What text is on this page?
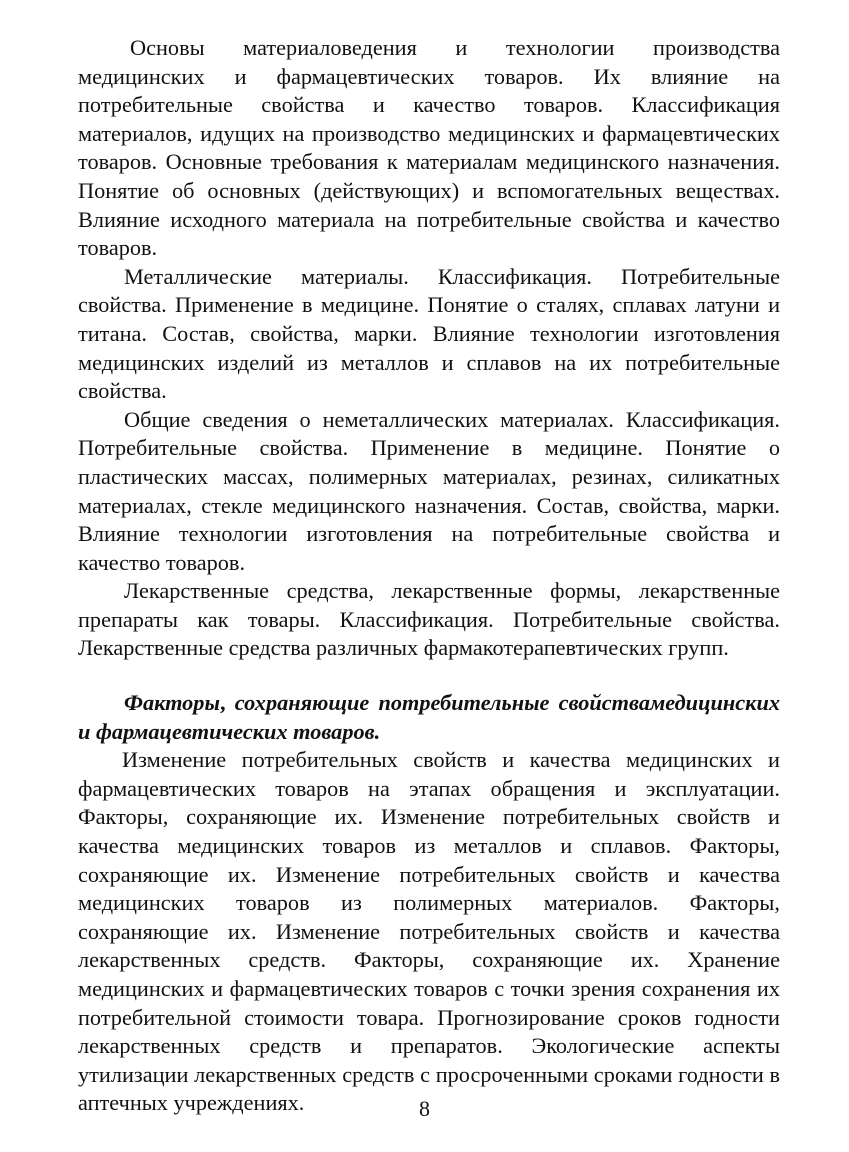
Основы материаловедения и технологии производства медицинских и фармацевтических товаров. Их влияние на потребительные свойства и качество товаров. Классификация материалов, идущих на производство медицинских и фармацевтических товаров. Основные требования к материалам медицинского назначения. Понятие об основных (действующих) и вспомогательных веществах. Влияние исходного материала на потребительные свойства и качество товаров.

Металлические материалы. Классификация. Потребительные свойства. Применение в медицине. Понятие о сталях, сплавах латуни и титана. Состав, свойства, марки. Влияние технологии изготовления медицинских изделий из металлов и сплавов на их потребительные свойства.

Общие сведения о неметаллических материалах. Классификация. Потребительные свойства. Применение в медицине. Понятие о пластических массах, полимерных материалах, резинах, силикатных материалах, стекле медицинского назначения. Состав, свойства, марки. Влияние технологии изготовления на потребительные свойства и качество товаров.

Лекарственные средства, лекарственные формы, лекарственные препараты как товары. Классификация. Потребительные свойства. Лекарственные средства различных фармакотерапевтических групп.

Факторы, сохраняющие потребительные свойствамедицинских и фармацевтических товаров.

Изменение потребительных свойств и качества медицинских и фармацевтических товаров на этапах обращения и эксплуатации. Факторы, сохраняющие их. Изменение потребительных свойств и качества медицинских товаров из металлов и сплавов. Факторы, сохраняющие их. Изменение потребительных свойств и качества медицинских товаров из полимерных материалов. Факторы, сохраняющие их. Изменение потребительных свойств и качества лекарственных средств. Факторы, сохраняющие их. Хранение медицинских и фармацевтических товаров с точки зрения сохранения их потребительной стоимости товара. Прогнозирование сроков годности лекарственных средств и препаратов. Экологические аспекты утилизации лекарственных средств с просроченными сроками годности в аптечных учреждениях.	8
